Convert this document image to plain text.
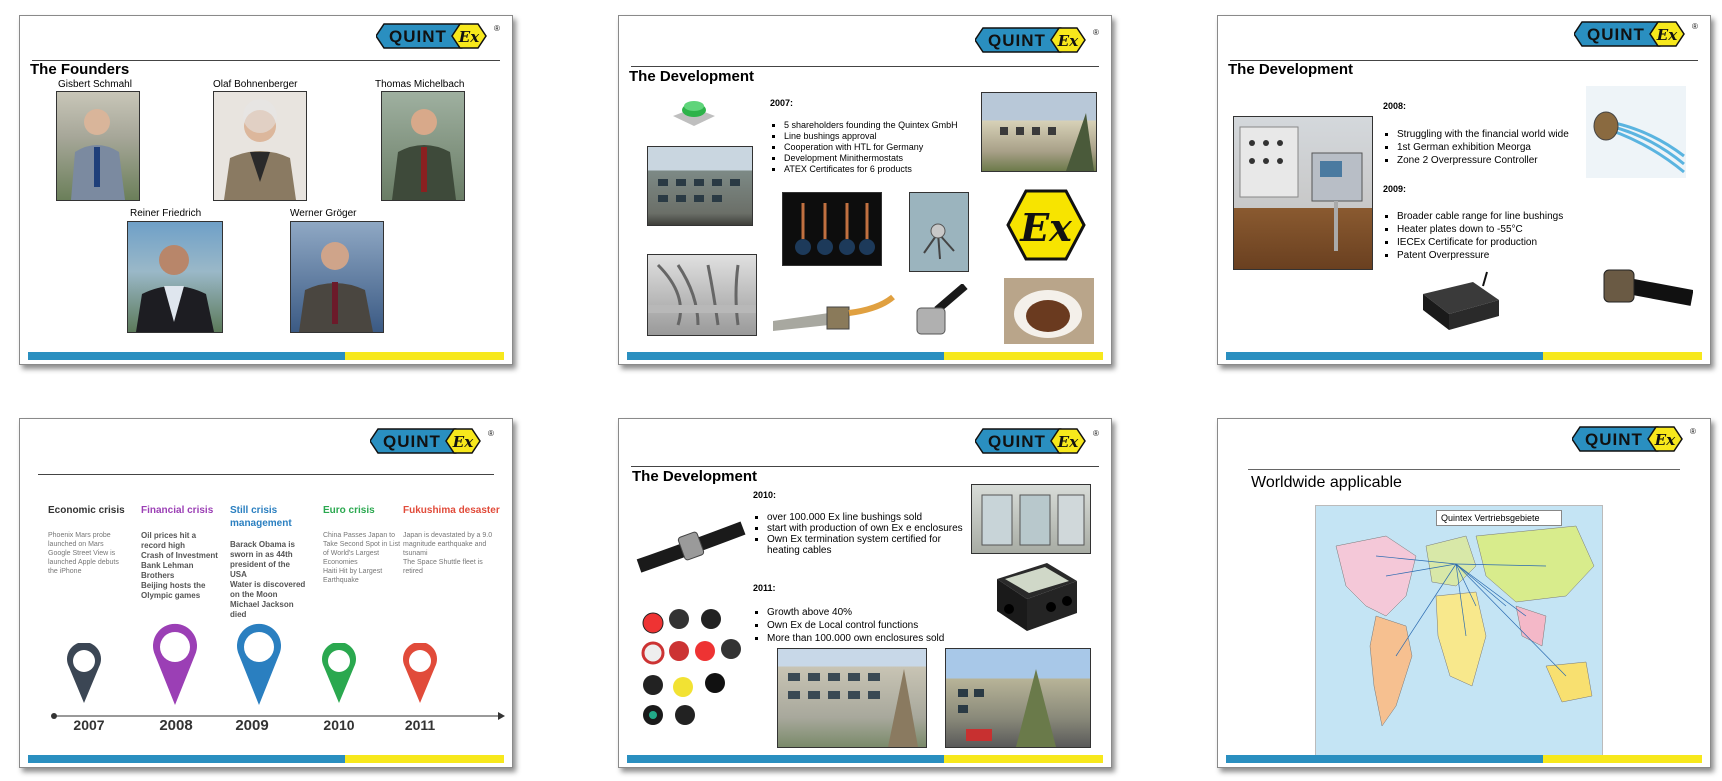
QUINT Ex ®
The Founders
Gisbert Schmahl	Olaf Bohnenberger	Thomas Michelbach
Reiner Friedrich	Werner Gröger
QUINT Ex ®
The Development
2007:
▪ 5 shareholders founding the Quintex GmbH
▪ Line bushings approval
▪ Cooperation with HTL for Germany
▪ Development Minithermostats
▪ ATEX Certificates for 6 products
Ex
QUINT Ex ®
The Development
2008:
▪ Struggling with the financial world wide
▪ 1st German exhibition Meorga
▪ Zone 2 Overpressure Controller
2009:
▪ Broader cable range for line bushings
▪ Heater plates down to -55°C
▪ IECEx Certificate for production
▪ Patent Overpressure
QUINT Ex ®
Economic crisis
Phoenix Mars probe launched on Mars
Google Street View is launched Apple debuts the iPhone
Financial crisis
Oil prices hit a record high
Crash of Investment Bank Lehman Brothers
Beijing hosts the Olympic games
Still crisis management
Barack Obama is sworn in as 44th president of the USA
Water is discovered on the Moon
Michael Jackson died
Euro crisis
China Passes Japan to Take Second Spot in List of World's Largest Economies
Haiti Hit by Largest Earthquake
Fukushima desaster
Japan is devastated by a 9.0 magnitude earthquake and tsunami
The Space Shuttle fleet is retired
2007	2008	2009	2010	2011
QUINT Ex ®
The Development
2010:
▪ over 100.000 Ex line bushings sold
▪ start with production of own Ex e enclosures
▪ Own Ex termination system certified for heating cables
2011:
▪ Growth above 40%
▪ Own Ex de Local control functions
▪ More than 100.000 own enclosures sold
QUINT Ex ®
Worldwide applicable
Quintex Vertriebsgebiete
